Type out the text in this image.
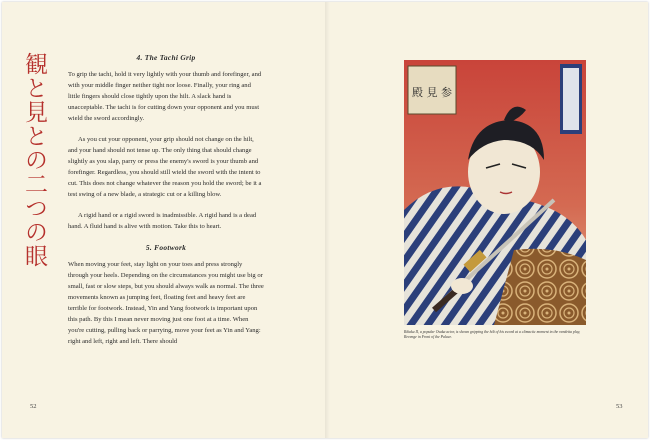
観と見との二つの眼	4. The Tachi Grip

To grip the tachi, hold it very lightly with your thumb and forefinger, and with your middle finger neither tight nor loose. Finally, your ring and little fingers should close tightly upon the hilt. A slack hand is unacceptable. The tachi is for cutting down your opponent and you must wield the sword accordingly.

As you cut your opponent, your grip should not change on the hilt, and your hand should not tense up. The only thing that should change slightly as you slap, parry or press the enemy's sword is your thumb and forefinger. Regardless, you should still wield the sword with the intent to cut. This does not change whatever the reason you hold the sword; be it a test swing of a new blade, a strategic cut or a killing blow.

A rigid hand or a rigid sword is inadmissible. A rigid hand is a dead hand. A fluid hand is alive with motion. Take this to heart.

5. Footwork

When moving your feet, stay light on your toes and press strongly through your heels. Depending on the circumstances you might use big or small, fast or slow steps, but you should always walk as normal. The three movements known as jumping feet, floating feet and heavy feet are terrible for footwork. Instead, Yin and Yang footwork is important upon this path. By this I mean never moving just one foot at a time. When you're cutting, pulling back or parrying, move your feet as Yin and Yang: right and left, right and left. There should

52
殿 見 参
Rikaku II, a popular Osaka actor, is shown gripping the hilt of his sword at a climactic moment in the vendetta play, Revenge in Front of the Palace.
53
